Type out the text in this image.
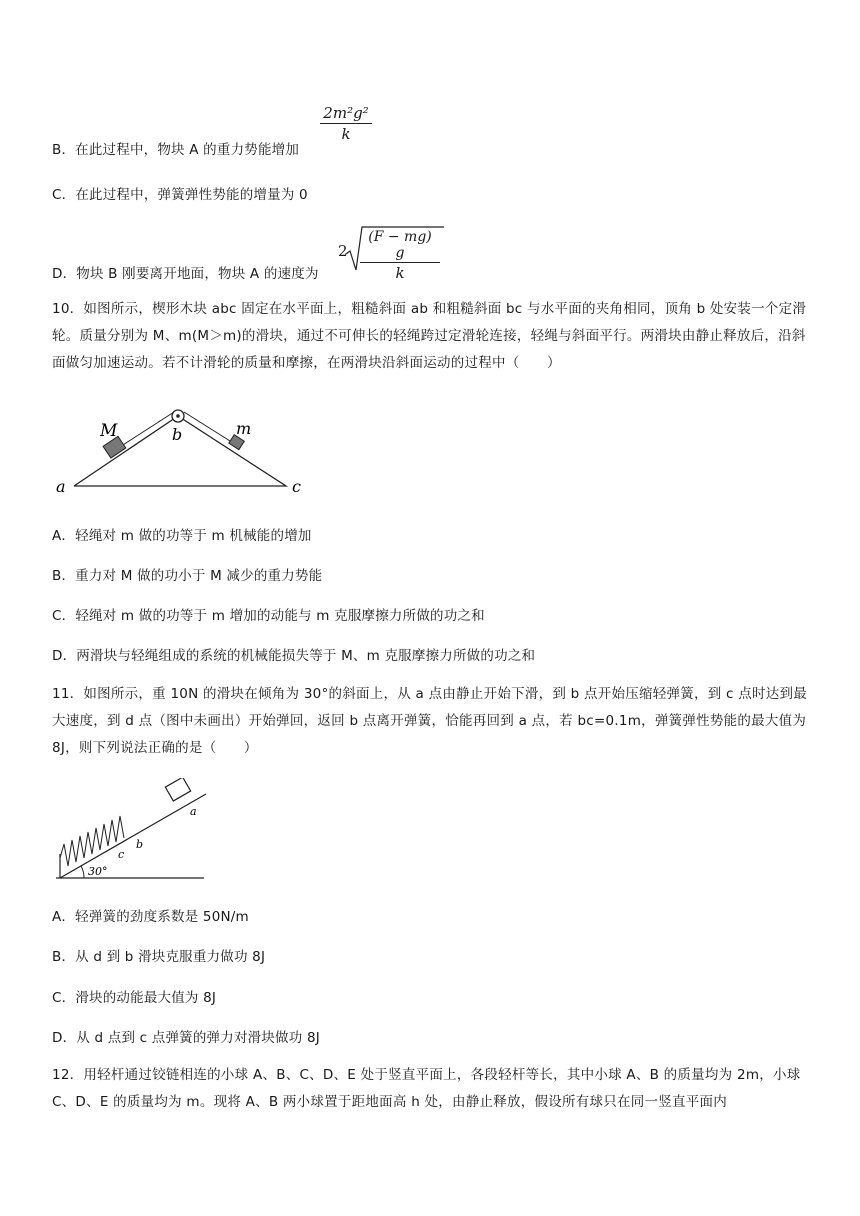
2m²g²
k
B．在此过程中，物块 A 的重力势能增加
C．在此过程中，弹簧弹性势能的增量为 0
2
(F − mg) g
k
D．物块 B 刚要离开地面，物块 A 的速度为
10．如图所示，楔形木块 abc 固定在水平面上，粗糙斜面 ab 和粗糙斜面 bc 与水平面的夹角相同，顶角 b 处安装一个定滑轮。质量分别为 M、m(M＞m)的滑块，通过不可伸长的轻绳跨过定滑轮连接，轻绳与斜面平行。两滑块由静止释放后，沿斜面做匀加速运动。若不计滑轮的质量和摩擦，在两滑块沿斜面运动的过程中（　　）
M	b	m
a	c
A．轻绳对 m 做的功等于 m 机械能的增加
B．重力对 M 做的功小于 M 减少的重力势能
C．轻绳对 m 做的功等于 m 增加的动能与 m 克服摩擦力所做的功之和
D．两滑块与轻绳组成的系统的机械能损失等于 M、m 克服摩擦力所做的功之和
11．如图所示，重 10N 的滑块在倾角为 30°的斜面上，从 a 点由静止开始下滑，到 b 点开始压缩轻弹簧，到 c 点时达到最大速度，到 d 点（图中未画出）开始弹回，返回 b 点离开弹簧，恰能再回到 a 点，若 bc=0.1m，弹簧弹性势能的最大值为 8J，则下列说法正确的是（　　）
a
b
c
30°
A．轻弹簧的劲度系数是 50N/m
B．从 d 到 b 滑块克服重力做功 8J
C．滑块的动能最大值为 8J
D．从 d 点到 c 点弹簧的弹力对滑块做功 8J
12．用轻杆通过铰链相连的小球 A、B、C、D、E 处于竖直平面上，各段轻杆等长，其中小球 A、B 的质量均为 2m，小球 C、D、E 的质量均为 m。现将 A、B 两小球置于距地面高 h 处，由静止释放，假设所有球只在同一竖直平面内
